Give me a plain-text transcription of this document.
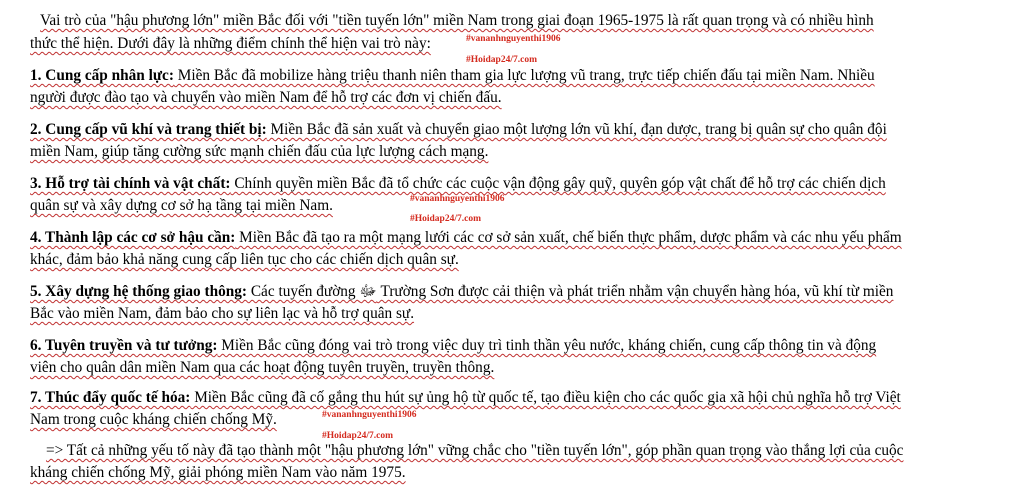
Vai trò của "hậu phương lớn" miền Bắc đối với "tiền tuyến lớn" miền Nam trong giai đoạn 1965-1975 là rất quan trọng và có nhiều hình
thức thể hiện. Dưới đây là những điểm chính thể hiện vai trò này:	#vananhnguyenthi1906
#Hoidap24/7.com
1. Cung cấp nhân lực: Miền Bắc đã mobilize hàng triệu thanh niên tham gia lực lượng vũ trang, trực tiếp chiến đấu tại miền Nam. Nhiều
người được đào tạo và chuyển vào miền Nam để hỗ trợ các đơn vị chiến đấu.
2. Cung cấp vũ khí và trang thiết bị: Miền Bắc đã sản xuất và chuyển giao một lượng lớn vũ khí, đạn dược, trang bị quân sự cho quân đội
miền Nam, giúp tăng cường sức mạnh chiến đấu của lực lượng cách mạng.
3. Hỗ trợ tài chính và vật chất: Chính quyền miền Bắc đã tổ chức các cuộc vận động gây quỹ, quyên góp vật chất để hỗ trợ các chiến dịch
quân sự và xây dựng cơ sở hạ tầng tại miền Nam.	#vananhnguyenthi1906
#Hoidap24/7.com
4. Thành lập các cơ sở hậu cần: Miền Bắc đã tạo ra một mạng lưới các cơ sở sản xuất, chế biến thực phẩm, dược phẩm và các nhu yếu phẩm
khác, đảm bảo khả năng cung cấp liên tục cho các chiến dịch quân sự.
5. Xây dựng hệ thống giao thông: Các tuyến đường ﷻ Trường Sơn được cải thiện và phát triển nhằm vận chuyển hàng hóa, vũ khí từ miền
Bắc vào miền Nam, đảm bảo cho sự liên lạc và hỗ trợ quân sự.
6. Tuyên truyền và tư tưởng: Miền Bắc cũng đóng vai trò trong việc duy trì tinh thần yêu nước, kháng chiến, cung cấp thông tin và động
viên cho quân dân miền Nam qua các hoạt động tuyên truyền, truyền thông.
7. Thúc đẩy quốc tế hóa: Miền Bắc cũng đã cố gắng thu hút sự ủng hộ từ quốc tế, tạo điều kiện cho các quốc gia xã hội chủ nghĩa hỗ trợ Việt
Nam trong cuộc kháng chiến chống Mỹ.	#vananhnguyenthi1906
#Hoidap24/7.com
=> Tất cả những yếu tố này đã tạo thành một "hậu phương lớn" vững chắc cho "tiền tuyến lớn", góp phần quan trọng vào thắng lợi của cuộc
kháng chiến chống Mỹ, giải phóng miền Nam vào năm 1975.
